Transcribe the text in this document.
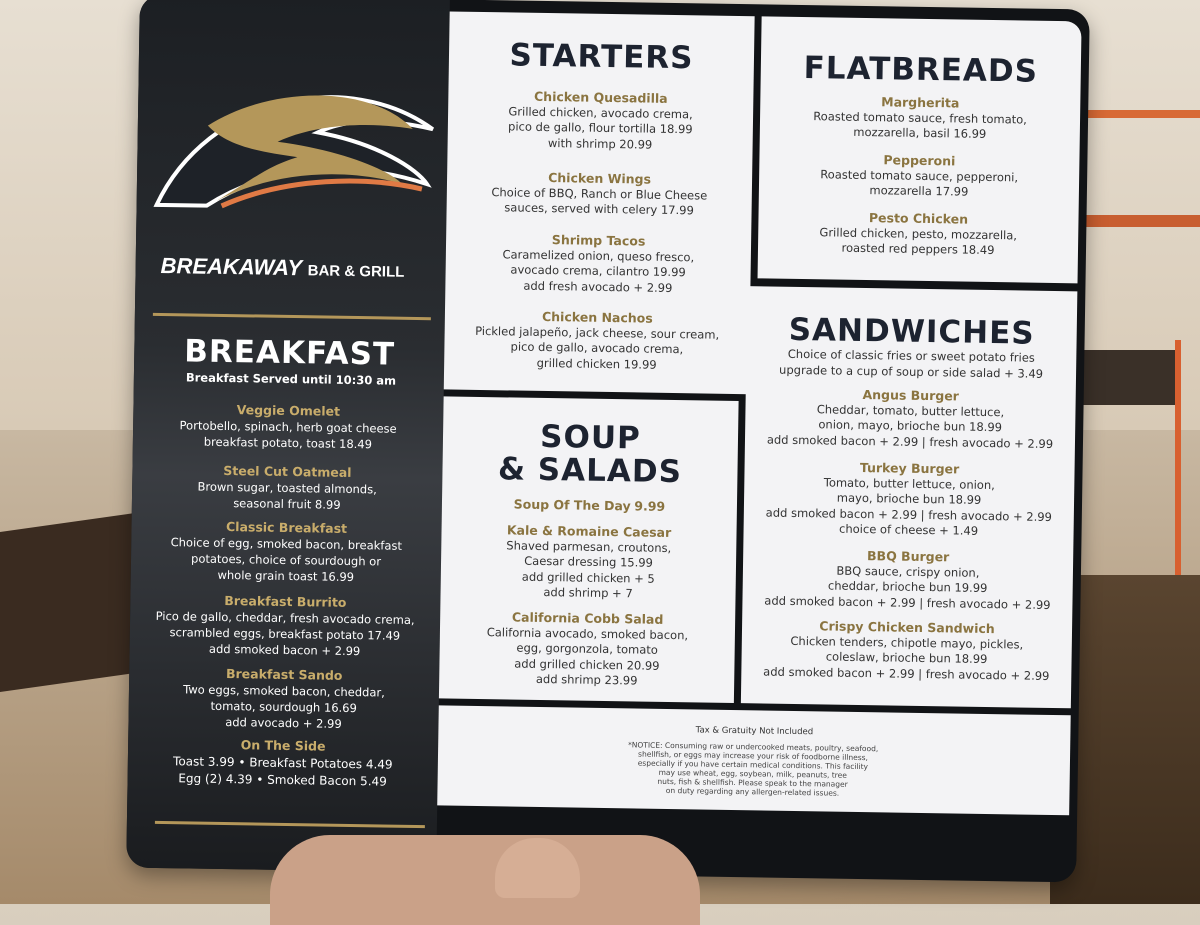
BREAKAWAY BAR & GRILL
BREAKFAST
Breakfast Served until 10:30 am
Veggie Omelet
Portobello, spinach, herb goat cheese
breakfast potato, toast 18.49
Steel Cut Oatmeal
Brown sugar, toasted almonds,
seasonal fruit 8.99
Classic Breakfast
Choice of egg, smoked bacon, breakfast
potatoes, choice of sourdough or
whole grain toast 16.99
Breakfast Burrito
Pico de gallo, cheddar, fresh avocado crema,
scrambled eggs, breakfast potato 17.49
add smoked bacon + 2.99
Breakfast Sando
Two eggs, smoked bacon, cheddar,
tomato, sourdough 16.69
add avocado + 2.99
On The Side
Toast 3.99 • Breakfast Potatoes 4.49
Egg (2) 4.39 • Smoked Bacon 5.49
STARTERS
Chicken Quesadilla
Grilled chicken, avocado crema,
pico de gallo, flour tortilla 18.99
with shrimp 20.99
Chicken Wings
Choice of BBQ, Ranch or Blue Cheese
sauces, served with celery 17.99
Shrimp Tacos
Caramelized onion, queso fresco,
avocado crema, cilantro 19.99
add fresh avocado + 2.99
Chicken Nachos
Pickled jalapeño, jack cheese, sour cream,
pico de gallo, avocado crema,
grilled chicken 19.99
FLATBREADS
Margherita
Roasted tomato sauce, fresh tomato,
mozzarella, basil 16.99
Pepperoni
Roasted tomato sauce, pepperoni,
mozzarella 17.99
Pesto Chicken
Grilled chicken, pesto, mozzarella,
roasted red peppers 18.49
SOUP
& SALADS
Soup Of The Day 9.99
Kale & Romaine Caesar
Shaved parmesan, croutons,
Caesar dressing 15.99
add grilled chicken + 5
add shrimp + 7
California Cobb Salad
California avocado, smoked bacon,
egg, gorgonzola, tomato
add grilled chicken 20.99
add shrimp 23.99
SANDWICHES
Choice of classic fries or sweet potato fries
upgrade to a cup of soup or side salad + 3.49
Angus Burger
Cheddar, tomato, butter lettuce,
onion, mayo, brioche bun 18.99
add smoked bacon + 2.99 | fresh avocado + 2.99
Turkey Burger
Tomato, butter lettuce, onion,
mayo, brioche bun 18.99
add smoked bacon + 2.99 | fresh avocado + 2.99
choice of cheese + 1.49
BBQ Burger
BBQ sauce, crispy onion,
cheddar, brioche bun 19.99
add smoked bacon + 2.99 | fresh avocado + 2.99
Crispy Chicken Sandwich
Chicken tenders, chipotle mayo, pickles,
coleslaw, brioche bun 18.99
add smoked bacon + 2.99 | fresh avocado + 2.99
Tax & Gratuity Not Included
*NOTICE: Consuming raw or undercooked meats, poultry, seafood,
shellfish, or eggs may increase your risk of foodborne illness,
especially if you have certain medical conditions. This facility
may use wheat, egg, soybean, milk, peanuts, tree
nuts, fish & shellfish. Please speak to the manager
on duty regarding any allergen-related issues.
